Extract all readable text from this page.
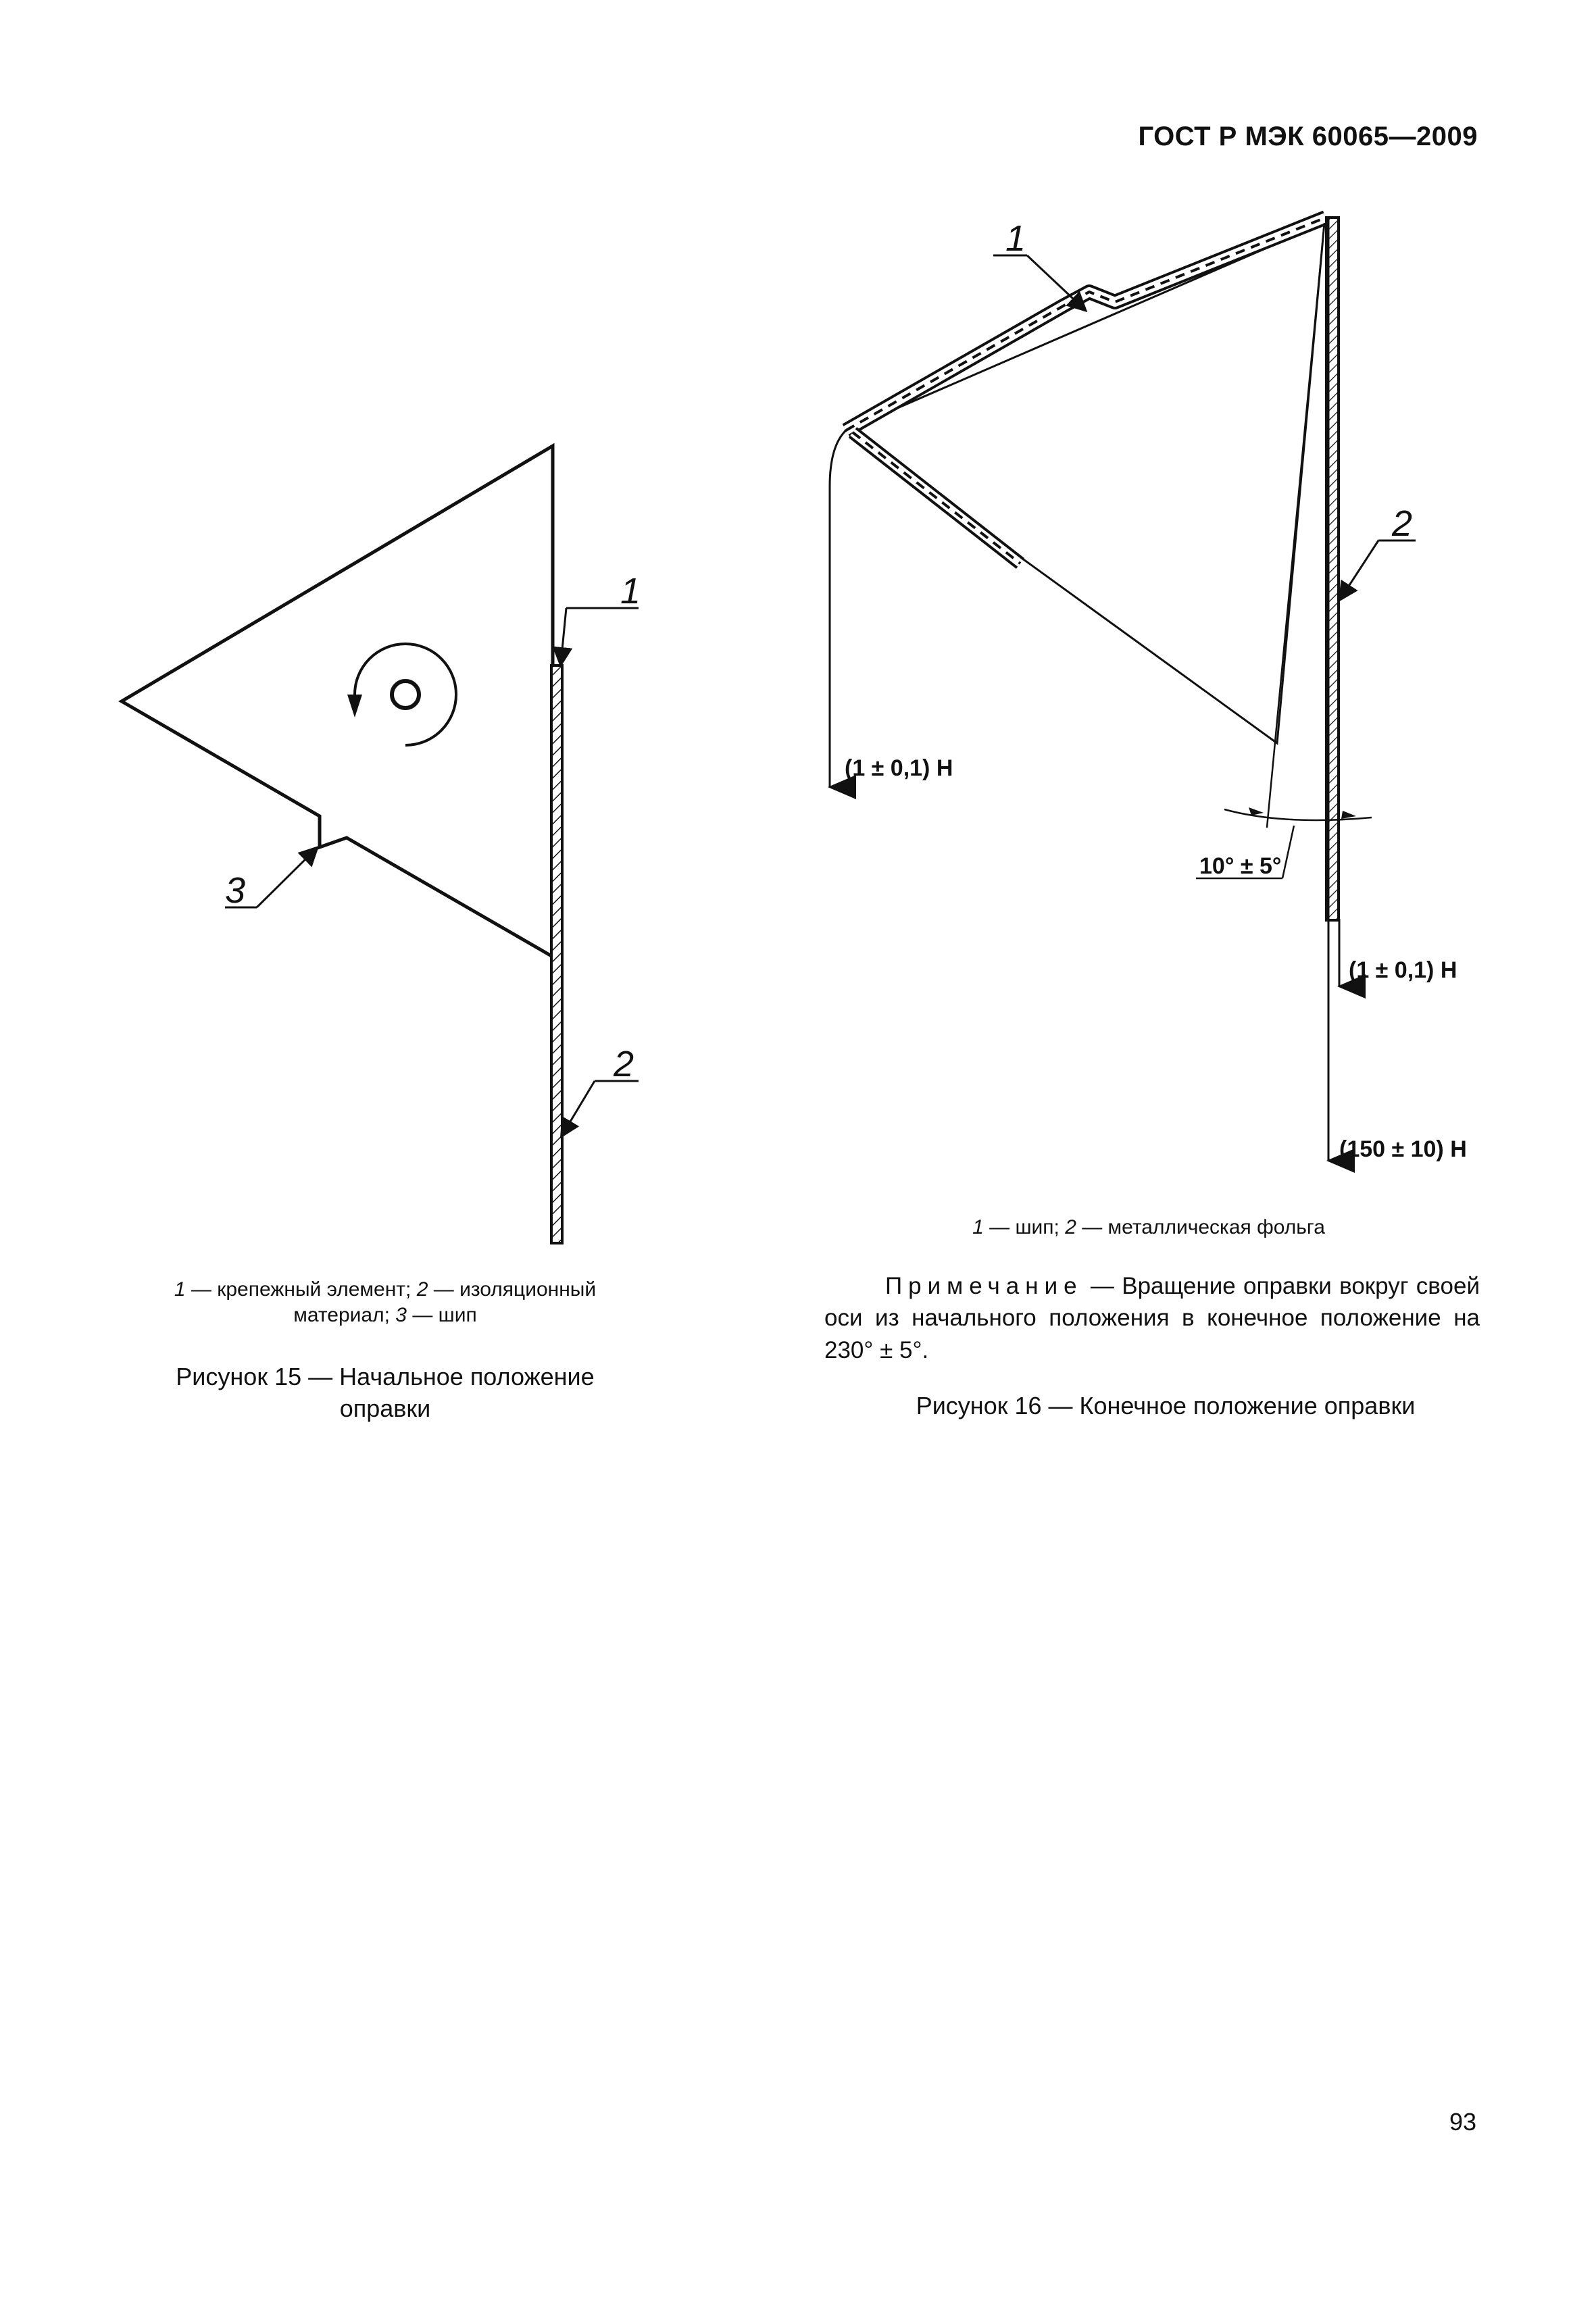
ГОСТ Р МЭК 60065—2009
1
2
3
1 — крепежный элемент; 2 — изоляционный материал; 3 — шип
Рисунок 15 — Начальное положение
оправки
10° ± 5°
1
2
(1 ± 0,1) Н
(1 ± 0,1) Н
(150 ± 10) Н
1 — шип; 2 — металлическая фольга
Примечание — Вращение оправки вокруг своей оси из начального положения в конечное положение на 230° ± 5°.
Рисунок 16 — Конечное положение оправки
93
